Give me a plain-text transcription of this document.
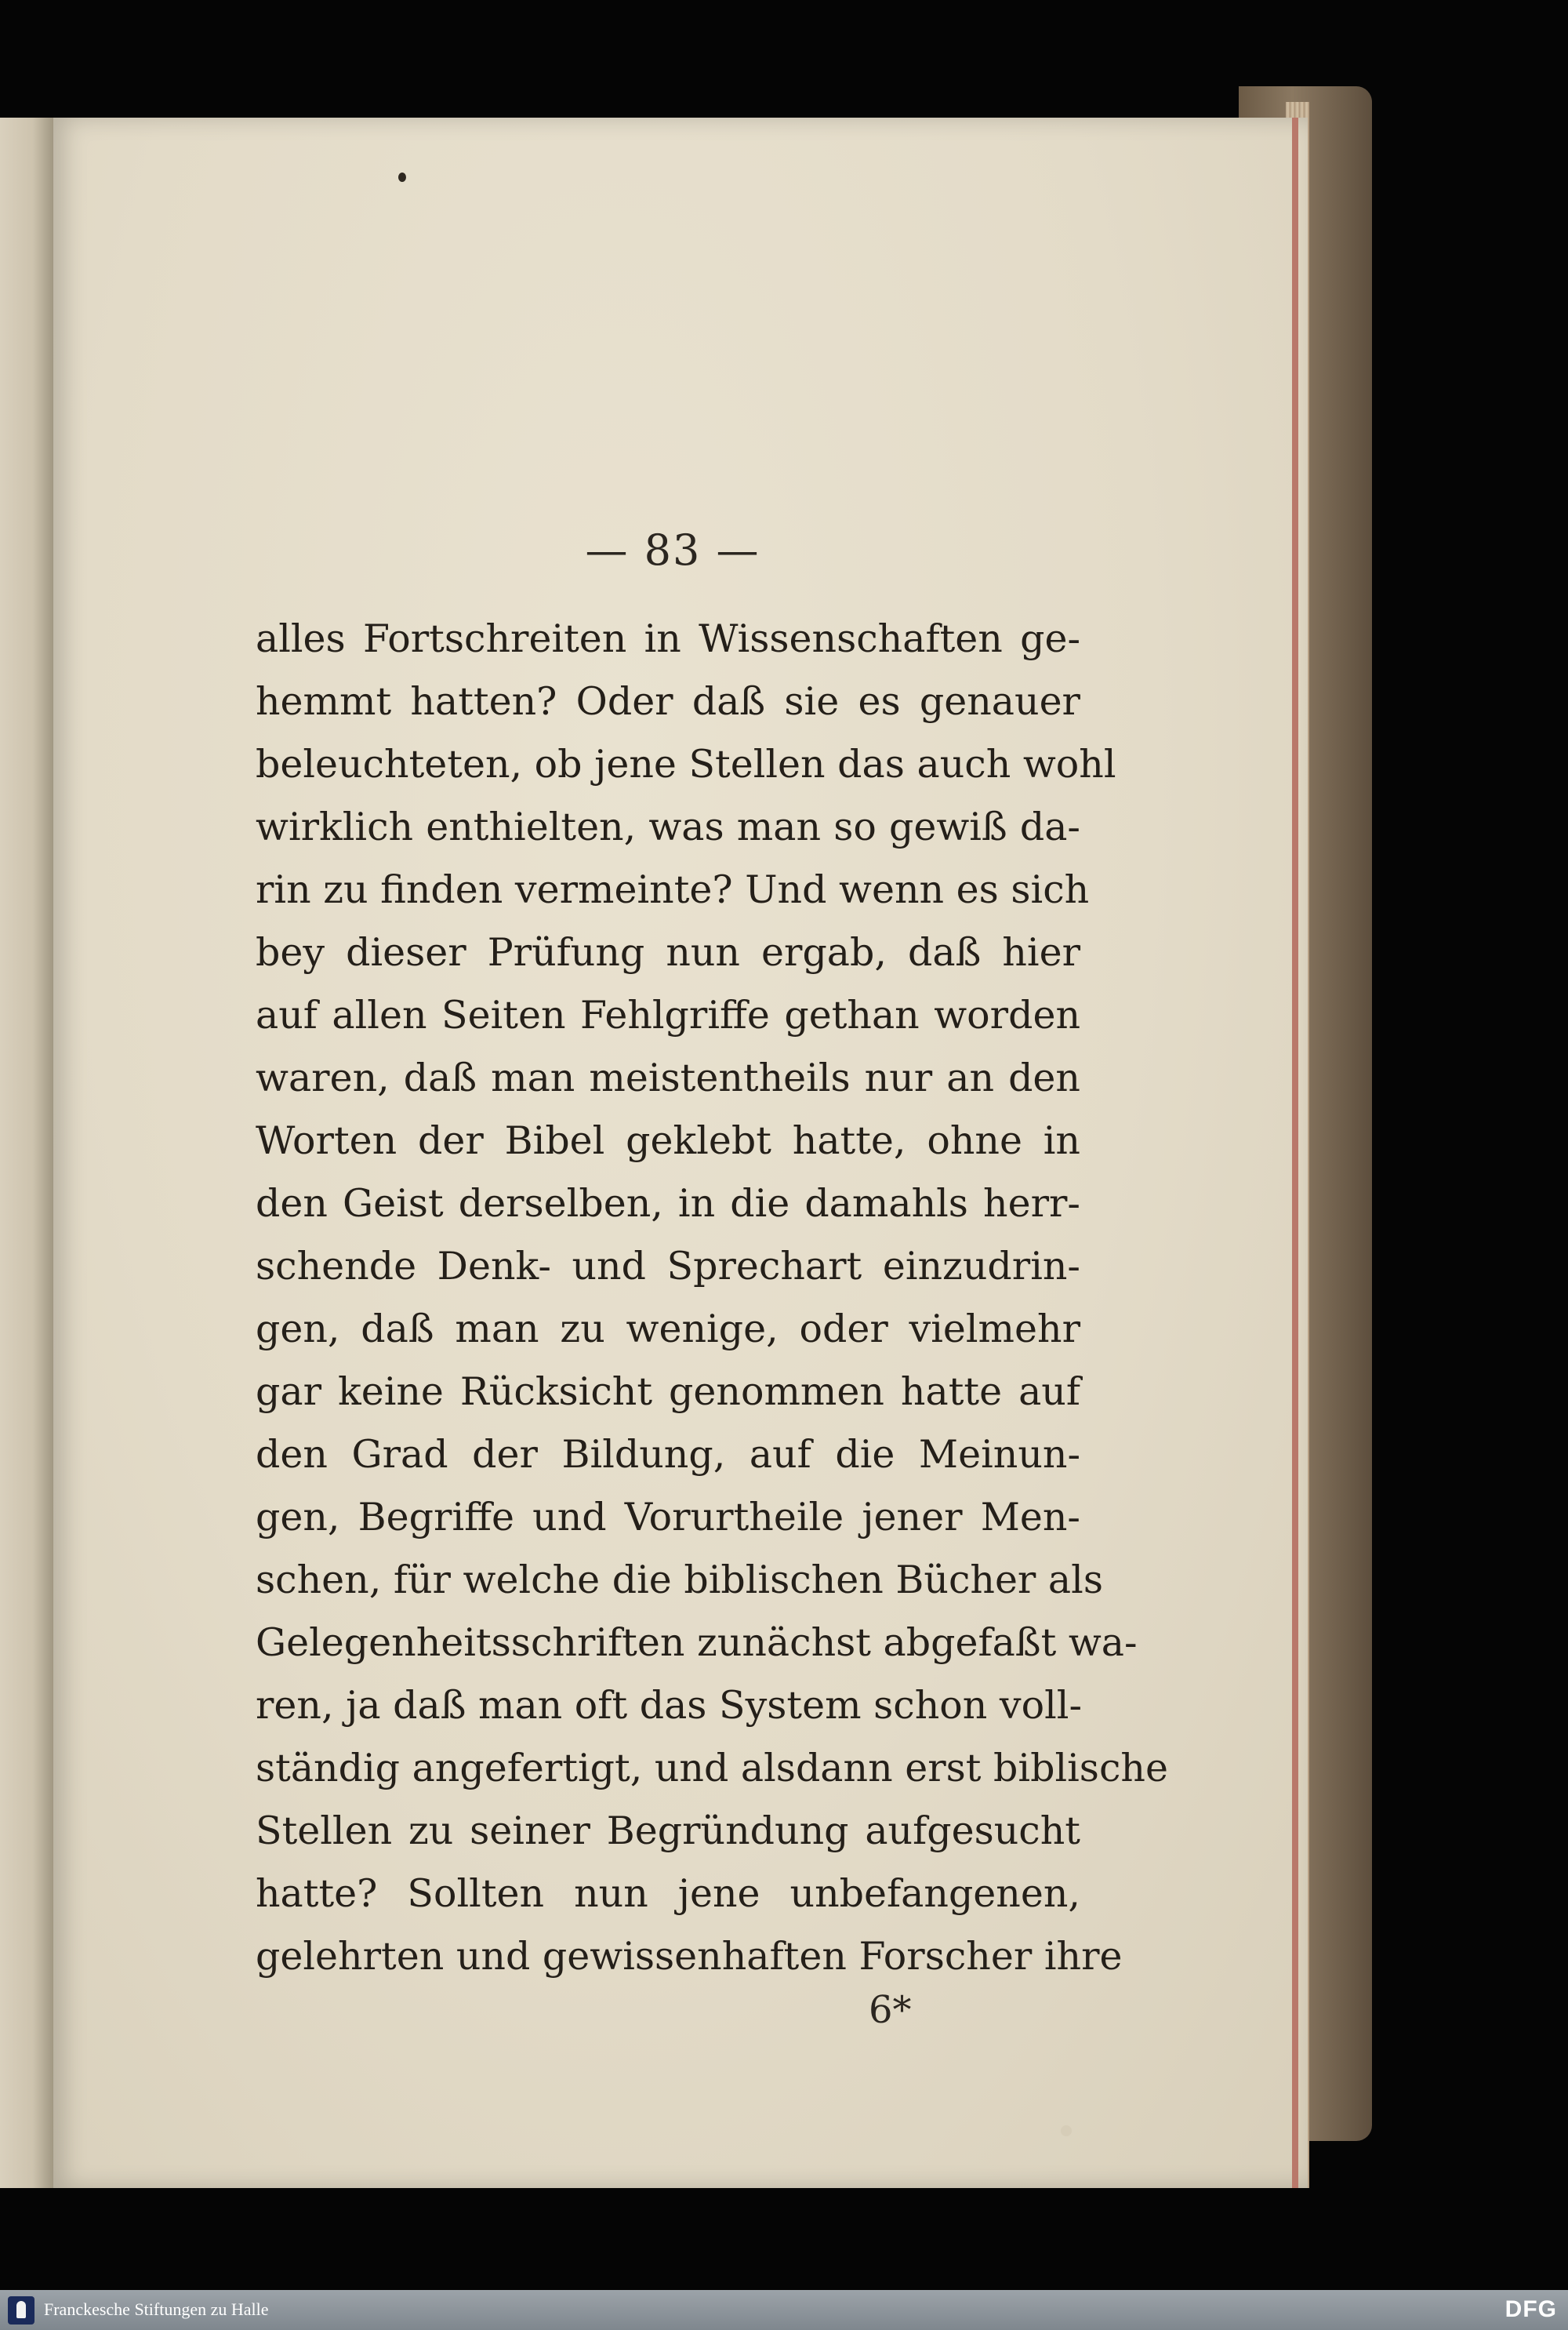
— 83 —
alles Fortschreiten in Wissenschaften ge-
hemmt hatten? Oder daß sie es genauer
beleuchteten, ob jene Stellen das auch wohl
wirklich enthielten, was man so gewiß da-
rin zu finden vermeinte? Und wenn es sich
bey dieser Prüfung nun ergab, daß hier
auf allen Seiten Fehlgriffe gethan worden
waren, daß man meistentheils nur an den
Worten der Bibel geklebt hatte, ohne in
den Geist derselben, in die damahls herr-
schende Denk- und Sprechart einzudrin-
gen, daß man zu wenige, oder vielmehr
gar keine Rücksicht genommen hatte auf
den Grad der Bildung, auf die Meinun-
gen, Begriffe und Vorurtheile jener Men-
schen, für welche die biblischen Bücher als
Gelegenheitsschriften zunächst abgefaßt wa-
ren, ja daß man oft das System schon voll-
ständig angefertigt, und alsdann erst biblische
Stellen zu seiner Begründung aufgesucht
hatte? Sollten nun jene unbefangenen,
gelehrten und gewissenhaften Forscher ihre
6*
Franckesche Stiftungen zu Halle	DFG
